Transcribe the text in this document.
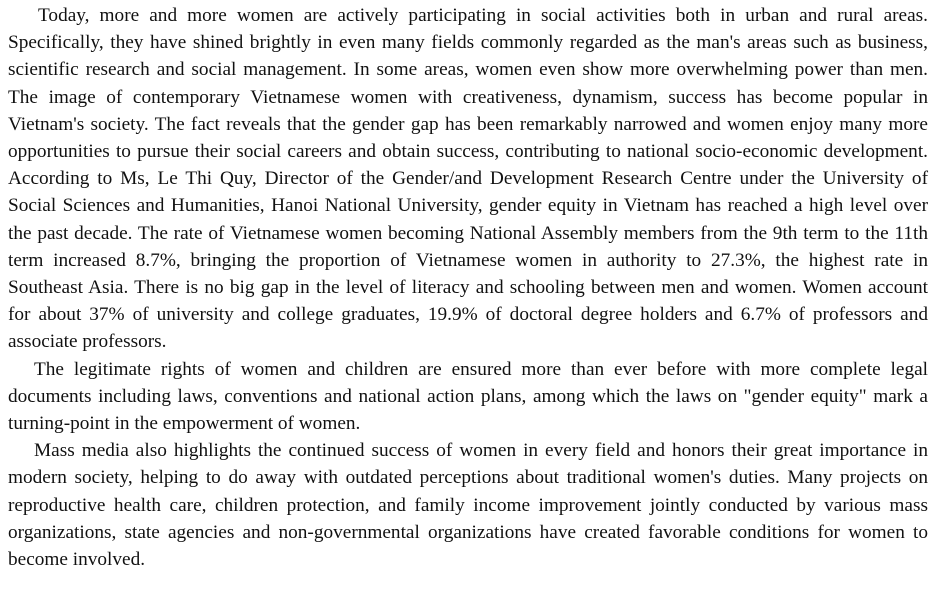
Today, more and more women are actively participating in social activities both in urban and rural areas. Specifically, they have shined brightly in even many fields commonly regarded as the man's areas such as business, scientific research and social management. In some areas, women even show more overwhelming power than men. The image of contemporary Vietnamese women with creativeness, dynamism, success has become popular in Vietnam's society. The fact reveals that the gender gap has been remarkably narrowed and women enjoy many more opportunities to pursue their social careers and obtain success, contributing to national socio-economic development. According to Ms, Le Thi Quy, Director of the Gender/and Development Research Centre under the University of Social Sciences and Humanities, Hanoi National University, gender equity in Vietnam has reached a high level over the past decade. The rate of Vietnamese women becoming National Assembly members from the 9th term to the 11th term increased 8.7%, bringing the proportion of Vietnamese women in authority to 27.3%, the highest rate in Southeast Asia. There is no big gap in the level of literacy and schooling between men and women. Women account for about 37% of university and college graduates, 19.9% of doctoral degree holders and 6.7% of professors and associate professors.

The legitimate rights of women and children are ensured more than ever before with more complete legal documents including laws, conventions and national action plans, among which the laws on "gender equity" mark a turning-point in the empowerment of women.

Mass media also highlights the continued success of women in every field and honors their great importance in modern society, helping to do away with outdated perceptions about traditional women's duties. Many projects on reproductive health care, children protection, and family income improvement jointly conducted by various mass organizations, state agencies and non-governmental organizations have created favorable conditions for women to become involved.
